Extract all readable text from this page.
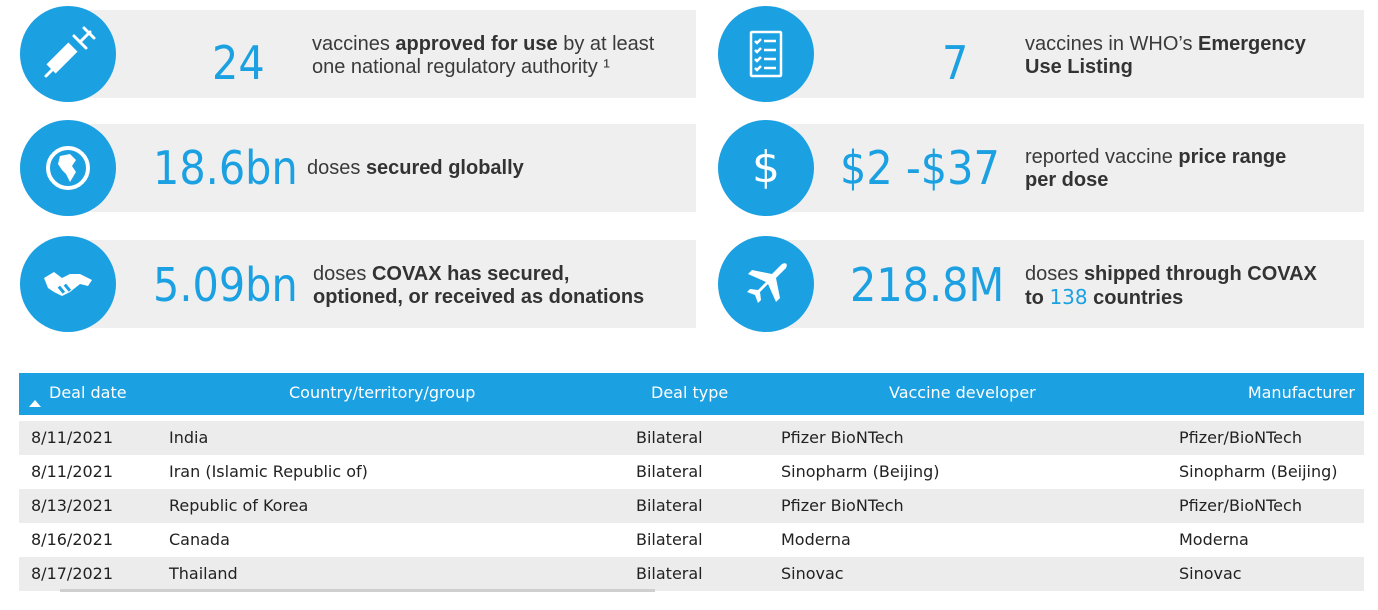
24 vaccines approved for use by at least
one national regulatory authority ¹	7	vaccines in WHO’s Emergency
Use Listing
18.6bn doses secured globally	$ $2 -$37 reported vaccine price range
per dose
5.09bn doses COVAX has secured,
optioned, or received as donations	218.8M doses shipped through COVAX
to 138 countries
Deal date	Country/territory/group	Deal type	Vaccine developer	Manufacturer
8/11/2021	India	Bilateral	Pfizer BioNTech	Pfizer/BioNTech
8/11/2021	Iran (Islamic Republic of)	Bilateral	Sinopharm (Beijing)	Sinopharm (Beijing)
8/13/2021	Republic of Korea	Bilateral	Pfizer BioNTech	Pfizer/BioNTech
8/16/2021	Canada	Bilateral	Moderna	Moderna
8/17/2021	Thailand	Bilateral	Sinovac	Sinovac
